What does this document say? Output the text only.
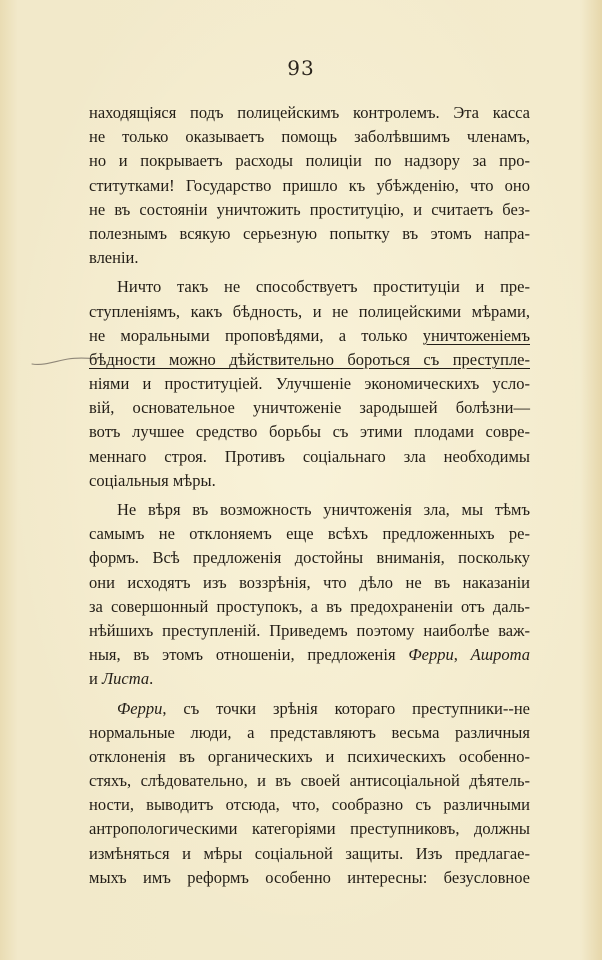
93
находящіяся подъ полицейскимъ контролемъ. Эта касса
не только оказываетъ помощь заболѣвшимъ членамъ,
но и покрываетъ расходы полиціи по надзору за про-
ститутками! Государство пришло къ убѣжденію, что оно
не въ состояніи уничтожить проституцію, и считаетъ без-
полезнымъ всякую серьезную попытку въ этомъ напра-
вленіи.
Ничто такъ не способствуетъ проституціи и пре-
ступленіямъ, какъ бѣдность, и не полицейскими мѣрами,
не моральными проповѣдями, а только уничтоженіемъ
бѣдности можно дѣйствительно бороться съ преступле-
ніями и проституціей. Улучшеніе экономическихъ усло-
вій, основательное уничтоженіе зародышей болѣзни—
вотъ лучшее средство борьбы съ этими плодами совре-
меннаго строя. Противъ соціальнаго зла необходимы
соціальныя мѣры.
Не вѣря въ возможность уничтоженія зла, мы тѣмъ
самымъ не отклоняемъ еще всѣхъ предложенныхъ ре-
формъ. Всѣ предложенія достойны вниманія, поскольку
они исходятъ изъ воззрѣнія, что дѣло не въ наказаніи
за совершонный проступокъ, а въ предохраненіи отъ даль-
нѣйшихъ преступленій. Приведемъ поэтому наиболѣе важ-
ныя, въ этомъ отношеніи, предложенія Ферри, Ашрота
и Листа.
Ферри, съ точки зрѣнія котораго преступники--не
нормальные люди, а представляютъ весьма различныя
отклоненія въ органическихъ и психическихъ особенно-
стяхъ, слѣдовательно, и въ своей антисоціальной дѣятель-
ности, выводитъ отсюда, что, сообразно съ различными
антропологическими категоріями преступниковъ, должны
измѣняться и мѣры соціальной защиты. Изъ предлагае-
мыхъ имъ реформъ особенно интересны: безусловное
